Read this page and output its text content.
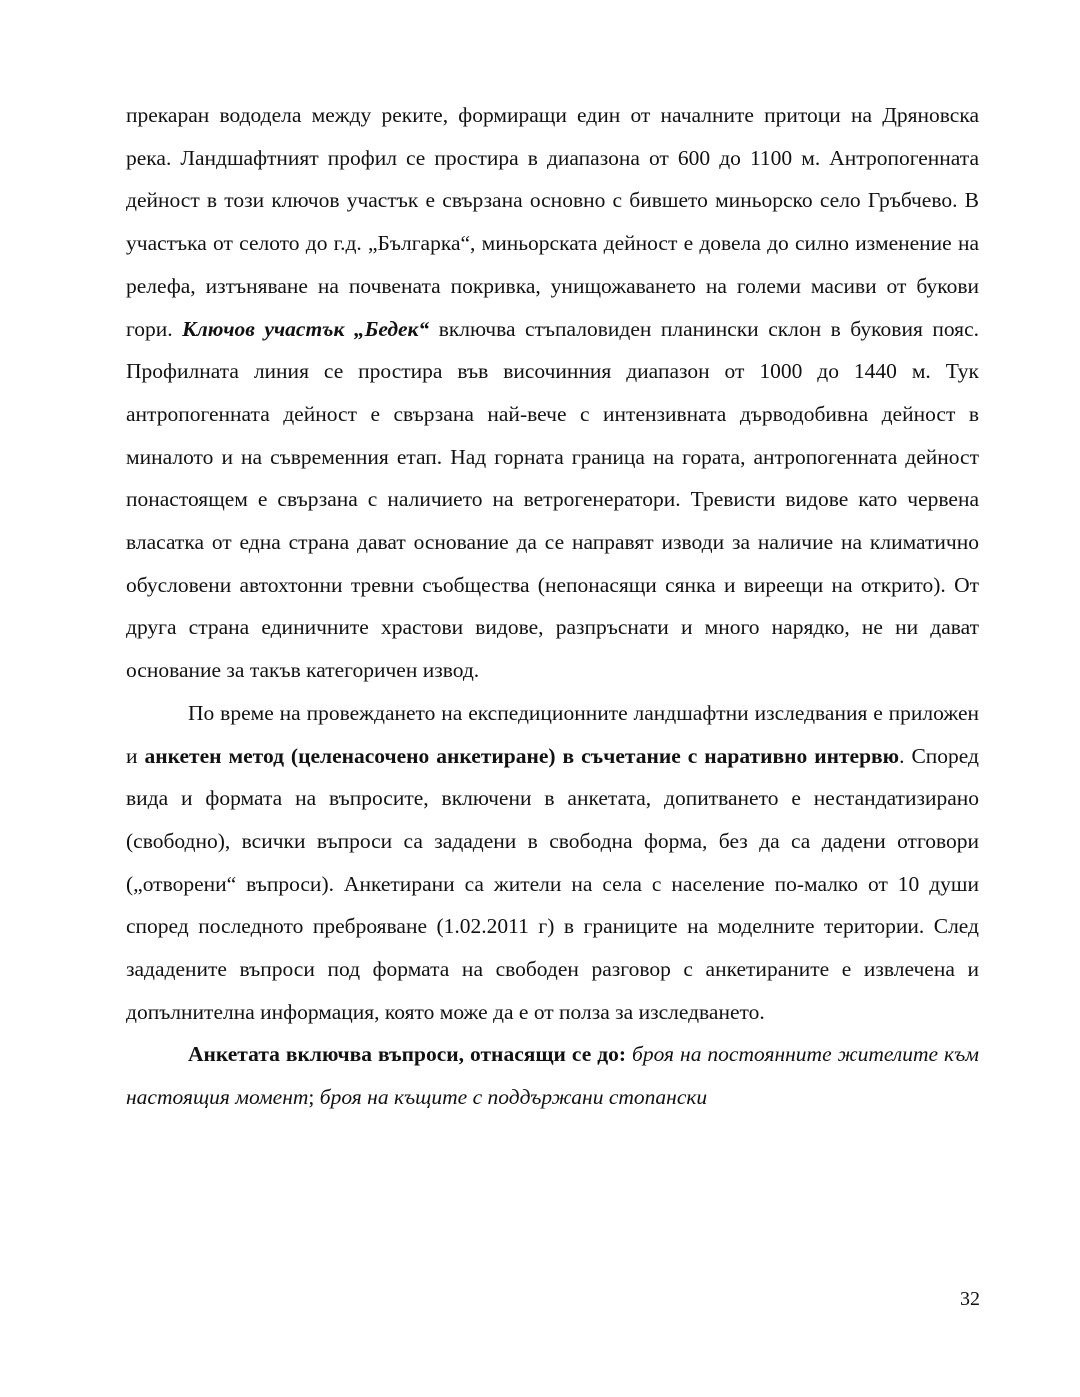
прекаран вододела между реките, формиращи един от началните притоци на Дряновска река. Ландшафтният профил се простира в диапазона от 600 до 1100 м. Антропогенната дейност в този ключов участък е свързана основно с бившето миньорско село Гръбчево. В участъка от селото до г.д. „Българка“, миньорската дейност е довела до силно изменение на релефа, изтъняване на почвената покривка, унищожаването на големи масиви от букови гори. Ключов участък „Бедек“ включва стъпаловиден планински склон в буковия пояс. Профилната линия се простира във височинния диапазон от 1000 до 1440 м. Тук антропогенната дейност е свързана най-вече с интензивната дърводобивна дейност в миналото и на съвременния етап. Над горната граница на гората, антропогенната дейност понастоящем е свързана с наличието на ветрогенератори. Тревисти видове като червена власатка от една страна дават основание да се направят изводи за наличие на климатично обусловени автохтонни тревни съобщества (непонасящи сянка и виреещи на открито). От друга страна единичните храстови видове, разпръснати и много нарядко, не ни дават основание за такъв категоричен извод.

По време на провеждането на експедиционните ландшафтни изследвания е приложен и анкетен метод (целенасочено анкетиране) в съчетание с наративно интервю. Според вида и формата на въпросите, включени в анкетата, допитването е нестандатизирано (свободно), всички въпроси са зададени в свободна форма, без да са дадени отговори („отворени“ въпроси). Анкетирани са жители на села с население по-малко от 10 души според последното преброяване (1.02.2011 г) в границите на моделните територии. След зададените въпроси под формата на свободен разговор с анкетираните е извлечена и допълнителна информация, която може да е от полза за изследването.

Анкетата включва въпроси, отнасящи се до: броя на постоянните жителите към настоящия момент; броя на къщите с поддържани стопански

32
